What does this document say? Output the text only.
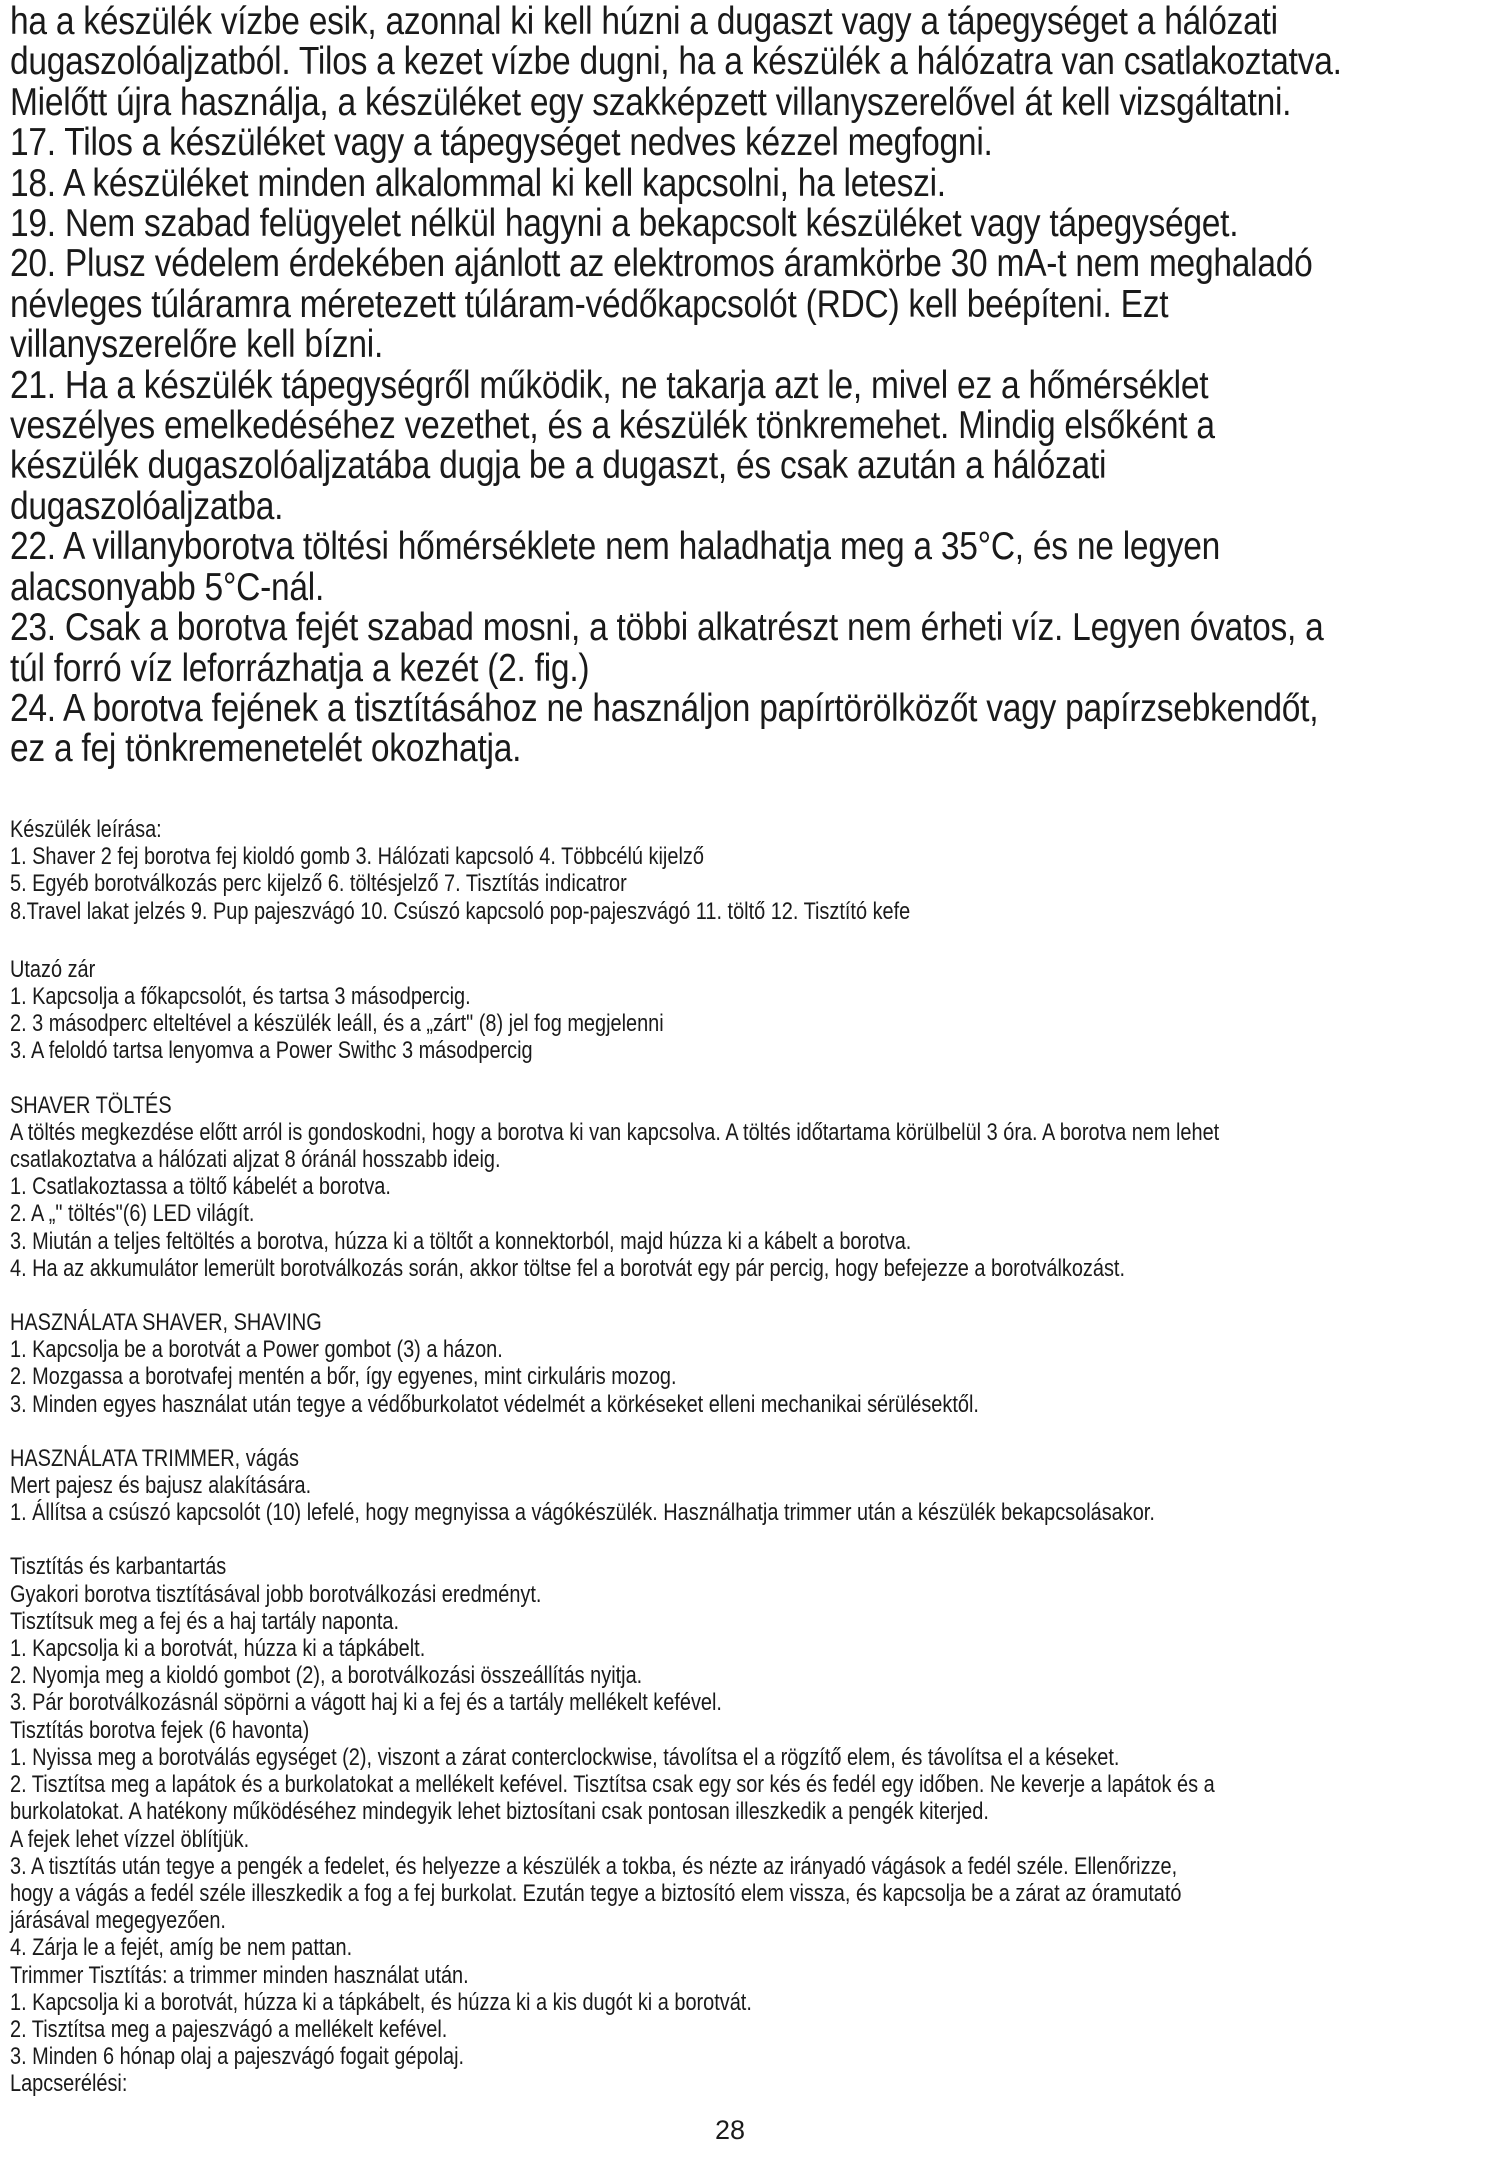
ha a készülék vízbe esik, azonnal ki kell húzni a dugaszt vagy a tápegységet a hálózati

dugaszolóaljzatból. Tilos a kezet vízbe dugni, ha a készülék a hálózatra van csatlakoztatva.

Mielőtt újra használja, a készüléket egy szakképzett villanyszerelővel át kell vizsgáltatni.

17. Tilos a készüléket vagy a tápegységet nedves kézzel megfogni.

18. A készüléket minden alkalommal ki kell kapcsolni, ha leteszi.

19. Nem szabad felügyelet nélkül hagyni a bekapcsolt készüléket vagy tápegységet.

20. Plusz védelem érdekében ajánlott az elektromos áramkörbe 30 mA-t nem meghaladó

névleges túláramra méretezett túláram-védőkapcsolót (RDC) kell beépíteni. Ezt

villanyszerelőre kell bízni.

21. Ha a készülék tápegységről működik, ne takarja azt le, mivel ez a hőmérséklet

veszélyes emelkedéséhez vezethet, és a készülék tönkremehet. Mindig elsőként a

készülék dugaszolóaljzatába dugja be a dugaszt, és csak azután a hálózati

dugaszolóaljzatba.

22. A villanyborotva töltési hőmérséklete nem haladhatja meg a 35°C, és ne legyen

alacsonyabb 5°C-nál.

23. Csak a borotva fejét szabad mosni, a többi alkatrészt nem érheti víz. Legyen óvatos, a

túl forró víz leforrázhatja a kezét (2. fig.)

24. A borotva fejének a tisztításához ne használjon papírtörölközőt vagy papírzsebkendőt,

ez a fej tönkremenetelét okozhatja.

Készülék leírása:

1. Shaver 2 fej borotva fej kioldó gomb 3. Hálózati kapcsoló 4. Többcélú kijelző

5. Egyéb borotválkozás perc kijelző 6. töltésjelző 7. Tisztítás indicatror

8.Travel lakat jelzés 9. Pup pajeszvágó 10. Csúszó kapcsoló pop-pajeszvágó 11. töltő 12. Tisztító kefe

Utazó zár

1. Kapcsolja a főkapcsolót, és tartsa 3 másodpercig.

2. 3 másodperc elteltével a készülék leáll, és a „zárt" (8) jel fog megjelenni

3. A feloldó tartsa lenyomva a Power Swithc 3 másodpercig

SHAVER TÖLTÉS

A töltés megkezdése előtt arról is gondoskodni, hogy a borotva ki van kapcsolva. A töltés időtartama körülbelül 3 óra. A borotva nem lehet

csatlakoztatva a hálózati aljzat 8 óránál hosszabb ideig.

1. Csatlakoztassa a töltő kábelét a borotva.

2. A „" töltés"(6) LED világít.

3. Miután a teljes feltöltés a borotva, húzza ki a töltőt a konnektorból, majd húzza ki a kábelt a borotva.

4. Ha az akkumulátor lemerült borotválkozás során, akkor töltse fel a borotvát egy pár percig, hogy befejezze a borotválkozást.

HASZNÁLATA SHAVER, SHAVING

1. Kapcsolja be a borotvát a Power gombot (3) a házon.

2. Mozgassa a borotvafej mentén a bőr, így egyenes, mint cirkuláris mozog.

3. Minden egyes használat után tegye a védőburkolatot védelmét a körkéseket elleni mechanikai sérülésektől.

HASZNÁLATA TRIMMER, vágás

Mert pajesz és bajusz alakítására.

1. Állítsa a csúszó kapcsolót (10) lefelé, hogy megnyissa a vágókészülék. Használhatja trimmer után a készülék bekapcsolásakor.

Tisztítás és karbantartás

Gyakori borotva tisztításával jobb borotválkozási eredményt.

Tisztítsuk meg a fej és a haj tartály naponta.

1. Kapcsolja ki a borotvát, húzza ki a tápkábelt.

2. Nyomja meg a kioldó gombot (2), a borotválkozási összeállítás nyitja.

3. Pár borotválkozásnál söpörni a vágott haj ki a fej és a tartály mellékelt kefével.

Tisztítás borotva fejek (6 havonta)

1. Nyissa meg a borotválás egységet (2), viszont a zárat conterclockwise, távolítsa el a rögzítő elem, és távolítsa el a késeket.

2. Tisztítsa meg a lapátok és a burkolatokat a mellékelt kefével. Tisztítsa csak egy sor kés és fedél egy időben. Ne keverje a lapátok és a

burkolatokat. A hatékony működéséhez mindegyik lehet biztosítani csak pontosan illeszkedik a pengék kiterjed.

A fejek lehet vízzel öblítjük.

3. A tisztítás után tegye a pengék a fedelet, és helyezze a készülék a tokba, és nézte az irányadó vágások a fedél széle. Ellenőrizze,

hogy a vágás a fedél széle illeszkedik a fog a fej burkolat. Ezután tegye a biztosító elem vissza, és kapcsolja be a zárat az óramutató

járásával megegyezően.

4. Zárja le a fejét, amíg be nem pattan.

Trimmer Tisztítás: a trimmer minden használat után.

1. Kapcsolja ki a borotvát, húzza ki a tápkábelt, és húzza ki a kis dugót ki a borotvát.

2. Tisztítsa meg a pajeszvágó a mellékelt kefével.

3. Minden 6 hónap olaj a pajeszvágó fogait gépolaj.

Lapcserélési:

28
